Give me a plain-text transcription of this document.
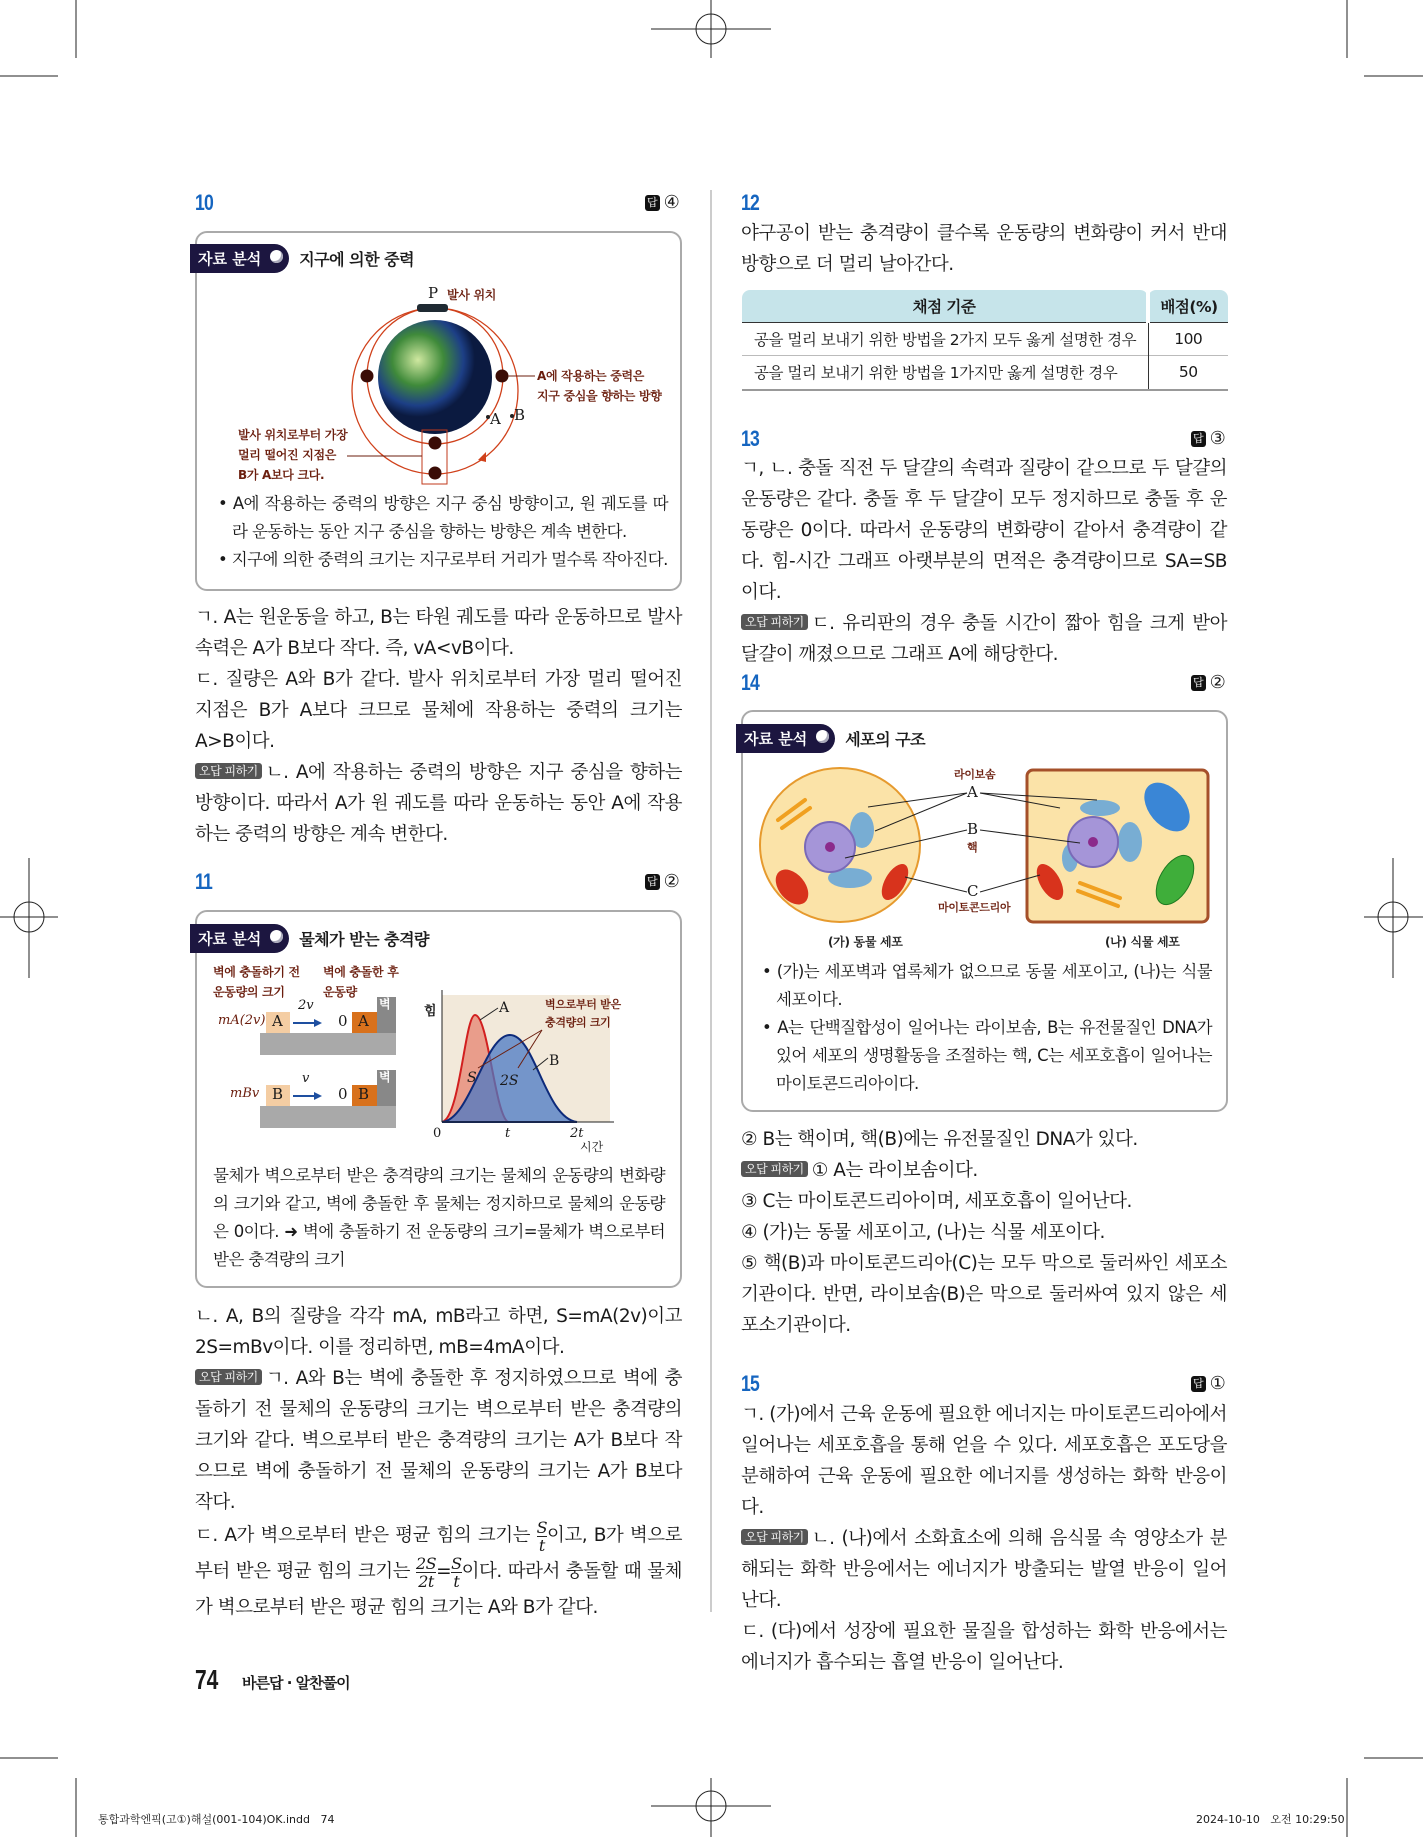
10	답 ④
자료 분석	지구에 의한 중력
P 발사 위치
A B
A에 작용하는 중력은
지구 중심을 향하는 방향
발사 위치로부터 가장
멀리 떨어진 지점은
B가 A보다 크다.

• A에 작용하는 중력의 방향은 지구 중심 방향이고, 원 궤도를 따라 운동하는 동안 지구 중심을 향하는 방향은 계속 변한다.

• 지구에 의한 중력의 크기는 지구로부터 거리가 멀수록 작아진다.

ㄱ. A는 원운동을 하고, B는 타원 궤도를 따라 운동하므로 발사 속력은 A가 B보다 작다. 즉, vA<vB이다.

ㄷ. 질량은 A와 B가 같다. 발사 위치로부터 가장 멀리 떨어진 지점은 B가 A보다 크므로 물체에 작용하는 중력의 크기는 A>B이다.

오답 피하기 ㄴ. A에 작용하는 중력의 방향은 지구 중심을 향하는 방향이다. 따라서 A가 원 궤도를 따라 운동하는 동안 A에 작용하는 중력의 방향은 계속 변한다.

11	답 ②
자료 분석	물체가 받는 충격량
벽에 충돌하기 전
운동량의 크기
벽에 충돌한 후
운동량
mA(2v) A
2v
0 A
벽
mBv B
v
0 B
벽
힘
0	t	2t
시간
A
B
S 2S
벽으로부터 받은
충격량의 크기
물체가 벽으로부터 받은 충격량의 크기는 물체의 운동량의 변화량의 크기와 같고, 벽에 충돌한 후 물체는 정지하므로 물체의 운동량은 0이다. ➜ 벽에 충돌하기 전 운동량의 크기=물체가 벽으로부터 받은 충격량의 크기

ㄴ. A, B의 질량을 각각 mA, mB라고 하면, S=mA(2v)이고 2S=mBv이다. 이를 정리하면, mB=4mA이다.

오답 피하기 ㄱ. A와 B는 벽에 충돌한 후 정지하였으므로 벽에 충돌하기 전 물체의 운동량의 크기는 벽으로부터 받은 충격량의 크기와 같다. 벽으로부터 받은 충격량의 크기는 A가 B보다 작으므로 벽에 충돌하기 전 물체의 운동량의 크기는 A가 B보다 작다.

ㄷ. A가 벽으로부터 받은 평균 힘의 크기는 $\frac{S}{t}$ 이고, B가 벽으로부터 받은 평균 힘의 크기는 $\frac{2S}{2t} = \frac{S}{t}$ 이다. 따라서 충돌할 때 물체가 벽으로부터 받은 평균 힘의 크기는 A와 B가 같다.

12
야구공이 받는 충격량이 클수록 운동량의 변화량이 커서 반대 방향으로 더 멀리 날아간다.
채점 기준	배점(%)
공을 멀리 보내기 위한 방법을 2가지 모두 옳게 설명한 경우	100
공을 멀리 보내기 위한 방법을 1가지만 옳게 설명한 경우	50
13	답 ③

ㄱ, ㄴ. 충돌 직전 두 달걀의 속력과 질량이 같으므로 두 달걀의 운동량은 같다. 충돌 후 두 달걀이 모두 정지하므로 충돌 후 운동량은 0이다. 따라서 운동량의 변화량이 같아서 충격량이 같다. 힘-시간 그래프 아랫부분의 면적은 충격량이므로 SA=SB이다.

오답 피하기 ㄷ. 유리판의 경우 충돌 시간이 짧아 힘을 크게 받아 달걀이 깨졌으므로 그래프 A에 해당한다.

14	답 ②
자료 분석	세포의 구조
라이보솜
A
B
핵
C
마이토콘드리아
(가) 동물 세포	(나) 식물 세포

• (가)는 세포벽과 엽록체가 없으므로 동물 세포이고, (나)는 식물 세포이다.

• A는 단백질합성이 일어나는 라이보솜, B는 유전물질인 DNA가 있어 세포의 생명활동을 조절하는 핵, C는 세포호흡이 일어나는 마이토콘드리아이다.

② B는 핵이며, 핵(B)에는 유전물질인 DNA가 있다.

오답 피하기 ① A는 라이보솜이다.

③ C는 마이토콘드리아이며, 세포호흡이 일어난다.

④ (가)는 동물 세포이고, (나)는 식물 세포이다.

⑤ 핵(B)과 마이토콘드리아(C)는 모두 막으로 둘러싸인 세포소기관이다. 반면, 라이보솜(B)은 막으로 둘러싸여 있지 않은 세포소기관이다.

15	답 ①

ㄱ. (가)에서 근육 운동에 필요한 에너지는 마이토콘드리아에서 일어나는 세포호흡을 통해 얻을 수 있다. 세포호흡은 포도당을 분해하여 근육 운동에 필요한 에너지를 생성하는 화학 반응이다.

오답 피하기 ㄴ. (나)에서 소화효소에 의해 음식물 속 영양소가 분해되는 화학 반응에서는 에너지가 방출되는 발열 반응이 일어난다.

ㄷ. (다)에서 성장에 필요한 물질을 합성하는 화학 반응에서는 에너지가 흡수되는 흡열 반응이 일어난다.

74 바른답 · 알찬풀이
통합과학엔픽(고①)해설(001-104)OK.indd   74	2024-10-10   오전 10:29:50
